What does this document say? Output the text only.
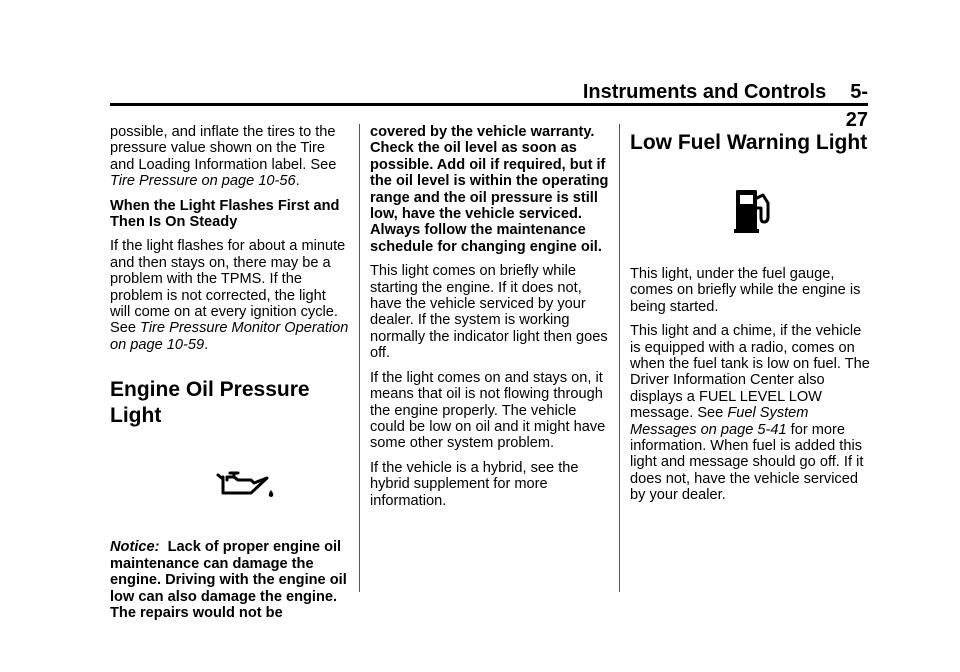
Instruments and Controls 5-27

possible, and inflate the tires to the pressure value shown on the Tire and Loading Information label. See Tire Pressure on page 10-56.

When the Light Flashes First and Then Is On Steady

If the light flashes for about a minute and then stays on, there may be a problem with the TPMS. If the problem is not corrected, the light will come on at every ignition cycle. See Tire Pressure Monitor Operation on page 10-59.

Engine Oil Pressure Light

Notice: Lack of proper engine oil maintenance can damage the engine. Driving with the engine oil low can also damage the engine. The repairs would not be

covered by the vehicle warranty. Check the oil level as soon as possible. Add oil if required, but if the oil level is within the operating range and the oil pressure is still low, have the vehicle serviced. Always follow the maintenance schedule for changing engine oil.

This light comes on briefly while starting the engine. If it does not, have the vehicle serviced by your dealer. If the system is working normally the indicator light then goes off.

If the light comes on and stays on, it means that oil is not flowing through the engine properly. The vehicle could be low on oil and it might have some other system problem.

If the vehicle is a hybrid, see the hybrid supplement for more information.

Low Fuel Warning Light

This light, under the fuel gauge, comes on briefly while the engine is being started.

This light and a chime, if the vehicle is equipped with a radio, comes on when the fuel tank is low on fuel. The Driver Information Center also displays a FUEL LEVEL LOW message. See Fuel System Messages on page 5-41 for more information. When fuel is added this light and message should go off. If it does not, have the vehicle serviced by your dealer.
